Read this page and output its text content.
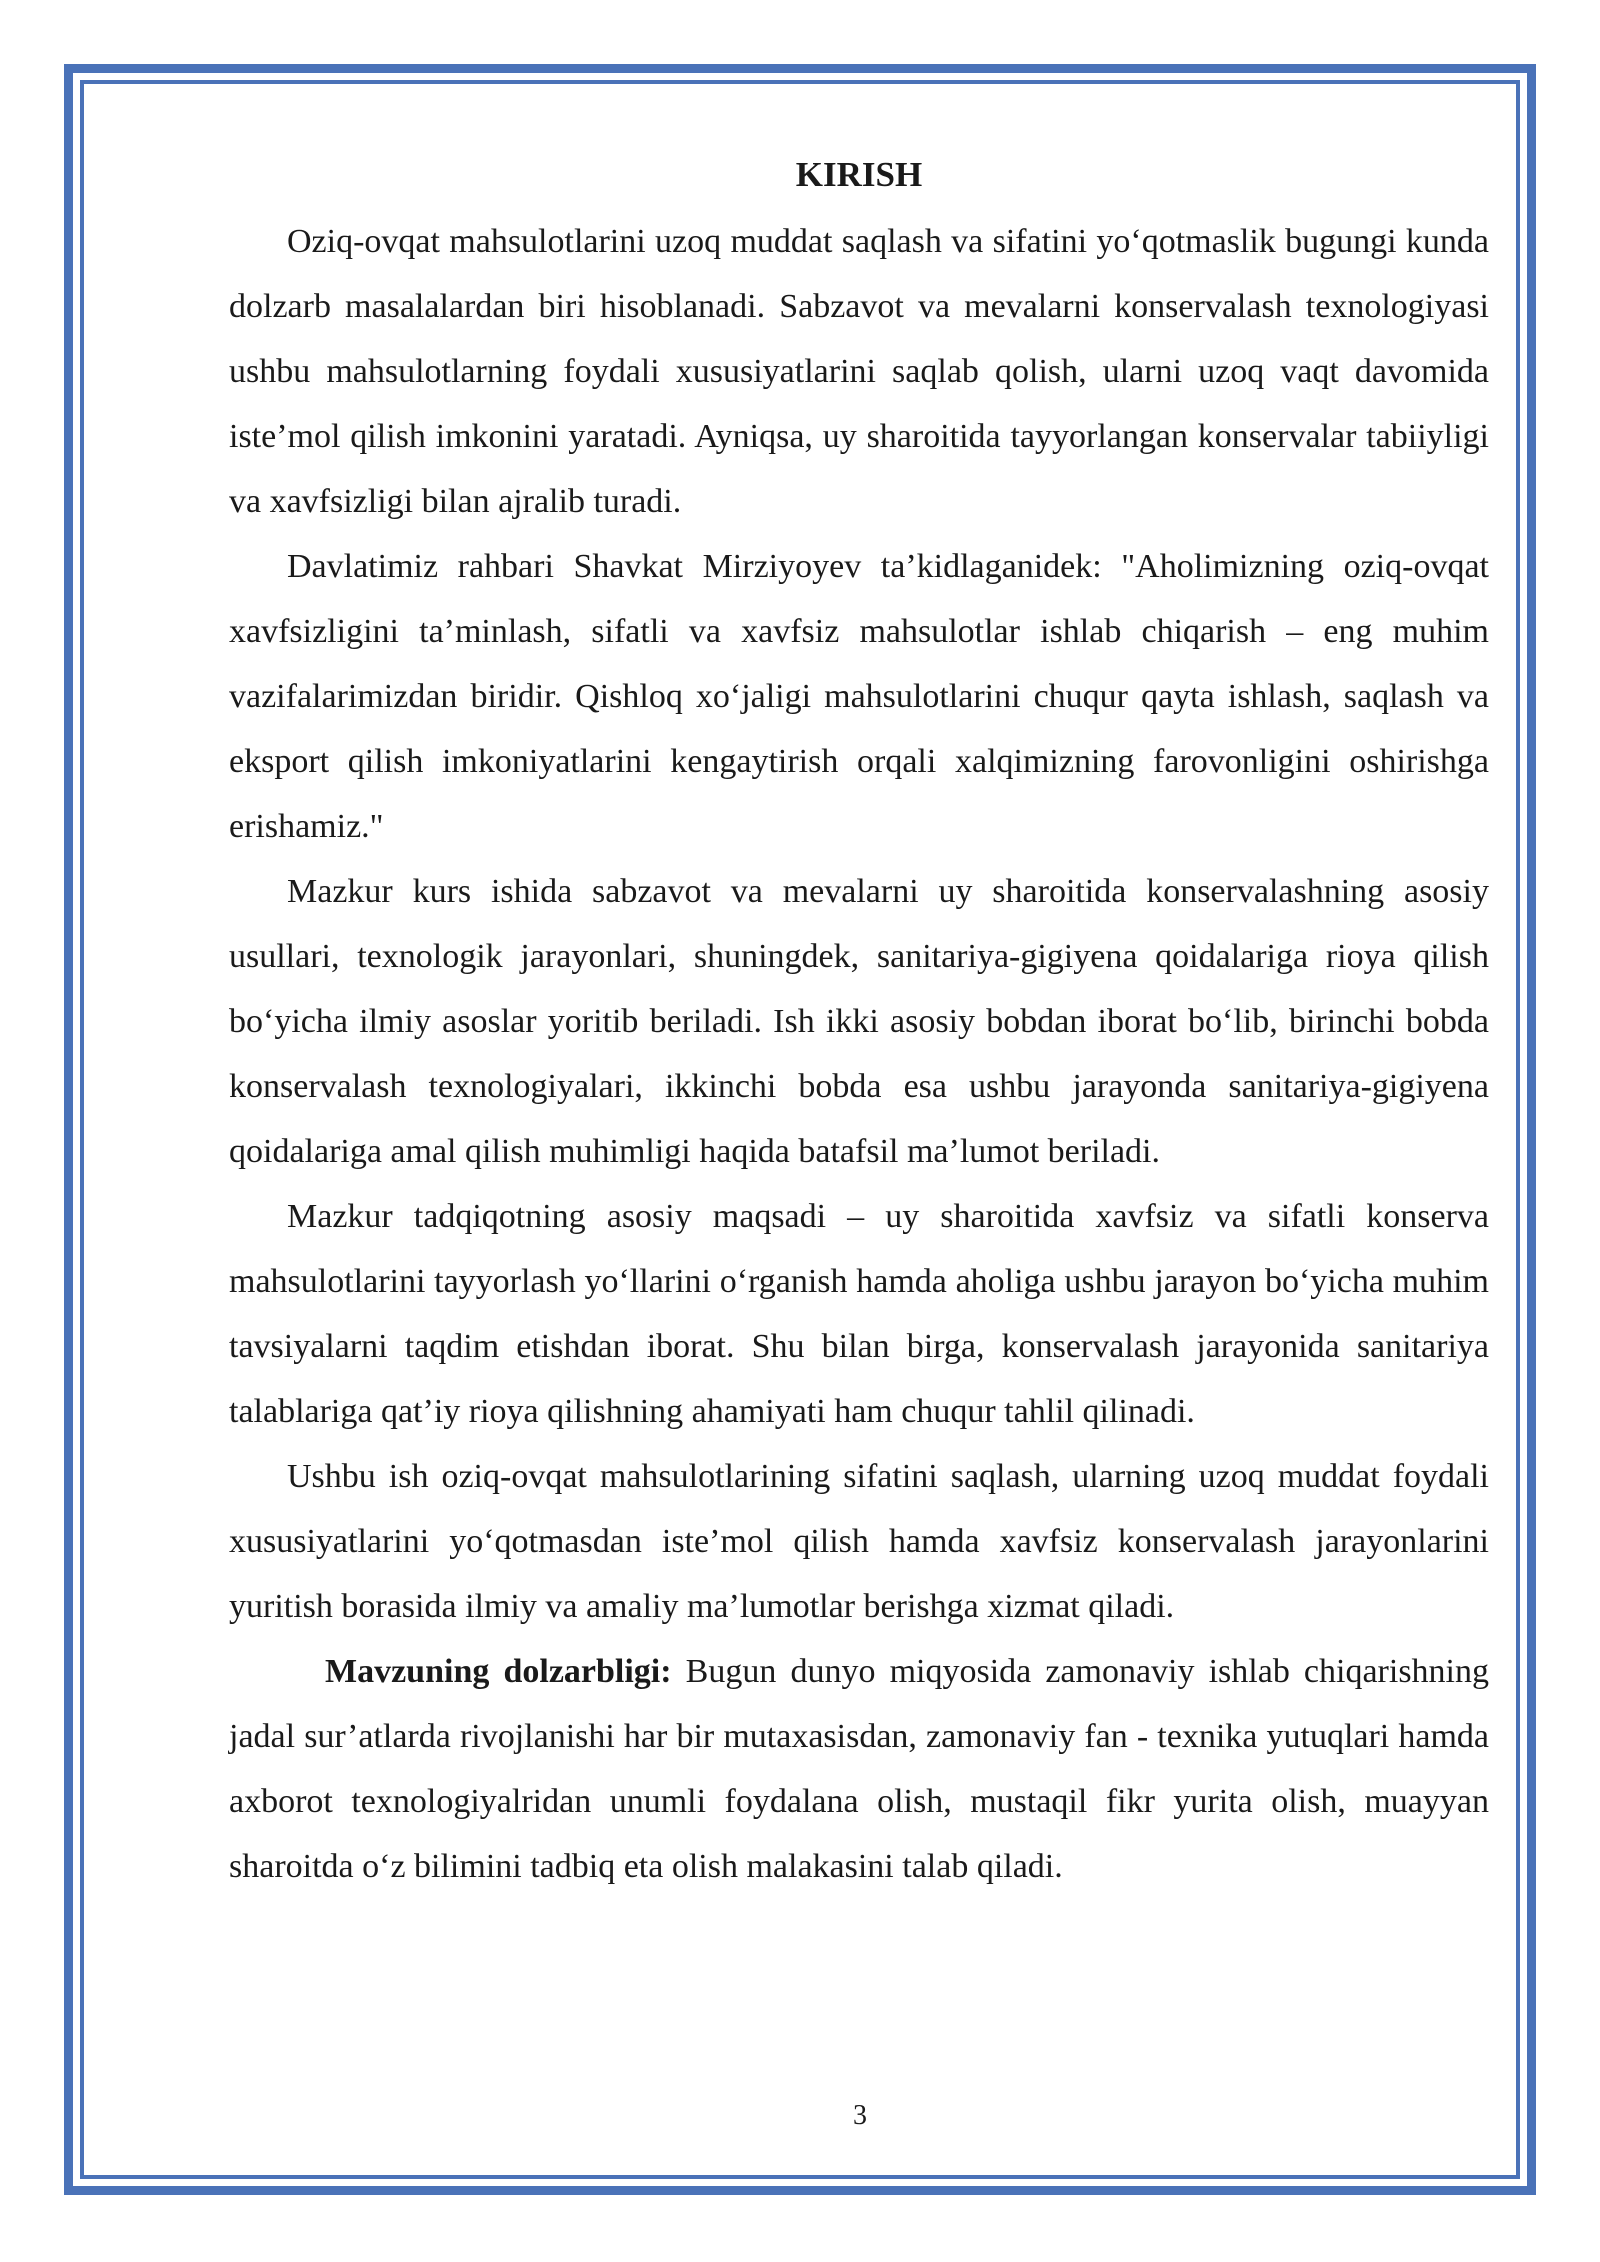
KIRISH

Oziq-ovqat mahsulotlarini uzoq muddat saqlash va sifatini yo‘qotmaslik bugungi kunda dolzarb masalalardan biri hisoblanadi. Sabzavot va mevalarni konservalash texnologiyasi ushbu mahsulotlarning foydali xususiyatlarini saqlab qolish, ularni uzoq vaqt davomida iste’mol qilish imkonini yaratadi. Ayniqsa, uy sharoitida tayyorlangan konservalar tabiiyligi va xavfsizligi bilan ajralib turadi.

Davlatimiz rahbari Shavkat Mirziyoyev ta’kidlaganidek: "Aholimizning oziq-ovqat xavfsizligini ta’minlash, sifatli va xavfsiz mahsulotlar ishlab chiqarish – eng muhim vazifalarimizdan biridir. Qishloq xo‘jaligi mahsulotlarini chuqur qayta ishlash, saqlash va eksport qilish imkoniyatlarini kengaytirish orqali xalqimizning farovonligini oshirishga erishamiz."

Mazkur kurs ishida sabzavot va mevalarni uy sharoitida konservalashning asosiy usullari, texnologik jarayonlari, shuningdek, sanitariya-gigiyena qoidalariga rioya qilish bo‘yicha ilmiy asoslar yoritib beriladi. Ish ikki asosiy bobdan iborat bo‘lib, birinchi bobda konservalash texnologiyalari, ikkinchi bobda esa ushbu jarayonda sanitariya-gigiyena qoidalariga amal qilish muhimligi haqida batafsil ma’lumot beriladi.

Mazkur tadqiqotning asosiy maqsadi – uy sharoitida xavfsiz va sifatli konserva mahsulotlarini tayyorlash yo‘llarini o‘rganish hamda aholiga ushbu jarayon bo‘yicha muhim tavsiyalarni taqdim etishdan iborat. Shu bilan birga, konservalash jarayonida sanitariya talablariga qat’iy rioya qilishning ahamiyati ham chuqur tahlil qilinadi.

Ushbu ish oziq-ovqat mahsulotlarining sifatini saqlash, ularning uzoq muddat foydali xususiyatlarini yo‘qotmasdan iste’mol qilish hamda xavfsiz konservalash jarayonlarini yuritish borasida ilmiy va amaliy ma’lumotlar berishga xizmat qiladi.

Mavzuning dolzarbligi: Bugun dunyo miqyosida zamonaviy ishlab chiqarishning jadal sur’atlarda rivojlanishi har bir mutaxasisdan, zamonaviy fan - texnika yutuqlari hamda axborot texnologiyalridan unumli foydalana olish, mustaqil fikr yurita olish, muayyan sharoitda o‘z bilimini tadbiq eta olish malakasini talab qiladi.

3
